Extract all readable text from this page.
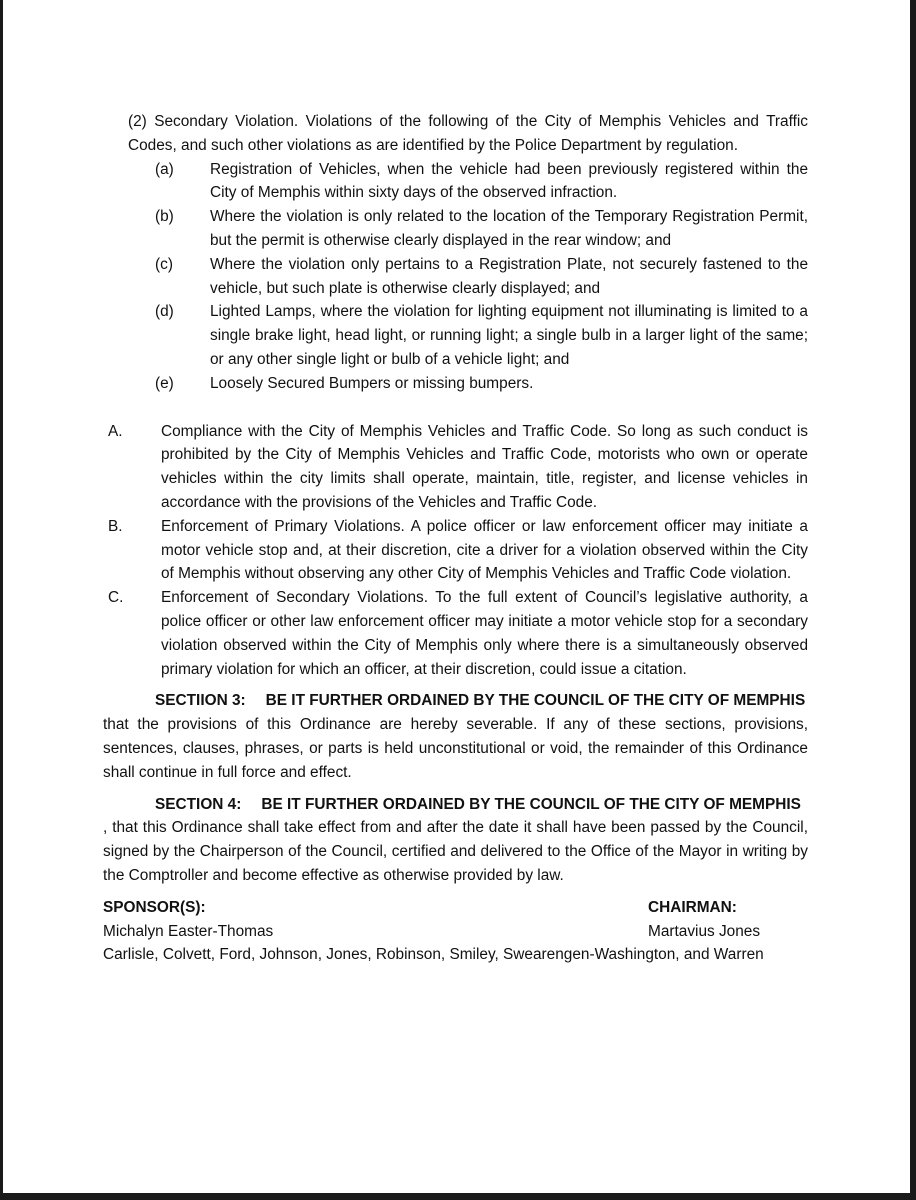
(2) Secondary Violation. Violations of the following of the City of Memphis Vehicles and Traffic Codes, and such other violations as are identified by the Police Department by regulation.
(a)	Registration of Vehicles, when the vehicle had been previously registered within the City of Memphis within sixty days of the observed infraction.
(b)	Where the violation is only related to the location of the Temporary Registration Permit, but the permit is otherwise clearly displayed in the rear window; and
(c)	Where the violation only pertains to a Registration Plate, not securely fastened to the vehicle, but such plate is otherwise clearly displayed; and
(d)	Lighted Lamps, where the violation for lighting equipment not illuminating is limited to a single brake light, head light, or running light; a single bulb in a larger light of the same; or any other single light or bulb of a vehicle light; and
(e)	Loosely Secured Bumpers or missing bumpers.
A.	Compliance with the City of Memphis Vehicles and Traffic Code. So long as such conduct is prohibited by the City of Memphis Vehicles and Traffic Code, motorists who own or operate vehicles within the city limits shall operate, maintain, title, register, and license vehicles in accordance with the provisions of the Vehicles and Traffic Code.
B.	Enforcement of Primary Violations. A police officer or law enforcement officer may initiate a motor vehicle stop and, at their discretion, cite a driver for a violation observed within the City of Memphis without observing any other City of Memphis Vehicles and Traffic Code violation.
C.	Enforcement of Secondary Violations. To the full extent of Council’s legislative authority, a police officer or other law enforcement officer may initiate a motor vehicle stop for a secondary violation observed within the City of Memphis only where there is a simultaneously observed primary violation for which an officer, at their discretion, could issue a citation.
SECTIION 3: BE IT FURTHER ORDAINED BY THE COUNCIL OF THE CITY OF MEMPHIS
that the provisions of this Ordinance are hereby severable. If any of these sections, provisions, sentences, clauses, phrases, or parts is held unconstitutional or void, the remainder of this Ordinance shall continue in full force and effect.
SECTION 4: BE IT FURTHER ORDAINED BY THE COUNCIL OF THE CITY OF MEMPHIS
, that this Ordinance shall take effect from and after the date it shall have been passed by the Council, signed by the Chairperson of the Council, certified and delivered to the Office of the Mayor in writing by the Comptroller and become effective as otherwise provided by law.
SPONSOR(S):
Michalyn Easter-Thomas
CHAIRMAN:
Martavius Jones
Carlisle, Colvett, Ford, Johnson, Jones, Robinson, Smiley, Swearengen-Washington, and Warren
